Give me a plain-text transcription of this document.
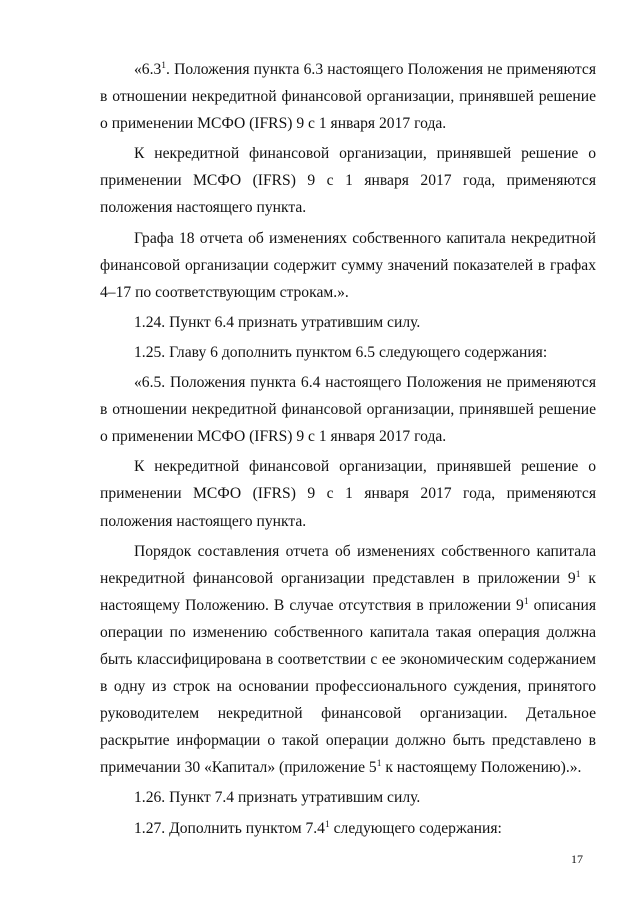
«$6.3^1$. Положения пункта 6.3 настоящего Положения не применяются в отношении некредитной финансовой организации, принявшей решение о применении МСФО (IFRS) 9 с 1 января 2017 года.

К некредитной финансовой организации, принявшей решение о применении МСФО (IFRS) 9 с 1 января 2017 года, применяются положения настоящего пункта.

Графа 18 отчета об изменениях собственного капитала некредитной финансовой организации содержит сумму значений показателей в графах 4–17 по соответствующим строкам.».

1.24. Пункт 6.4 признать утратившим силу.

1.25. Главу 6 дополнить пунктом 6.5 следующего содержания:

«6.5. Положения пункта 6.4 настоящего Положения не применяются в отношении некредитной финансовой организации, принявшей решение о применении МСФО (IFRS) 9 с 1 января 2017 года.

К некредитной финансовой организации, принявшей решение о применении МСФО (IFRS) 9 с 1 января 2017 года, применяются положения настоящего пункта.

Порядок составления отчета об изменениях собственного капитала некредитной финансовой организации представлен в приложении $9^1$ к настоящему Положению. В случае отсутствия в приложении $9^1$ описания операции по изменению собственного капитала такая операция должна быть классифицирована в соответствии с ее экономическим содержанием в одну из строк на основании профессионального суждения, принятого руководителем некредитной финансовой организации. Детальное раскрытие информации о такой операции должно быть представлено в примечании 30 «Капитал» (приложение $5^1$ к настоящему Положению).».

1.26. Пункт 7.4 признать утратившим силу.

1.27. Дополнить пунктом $7.4^1$ следующего содержания:

17
